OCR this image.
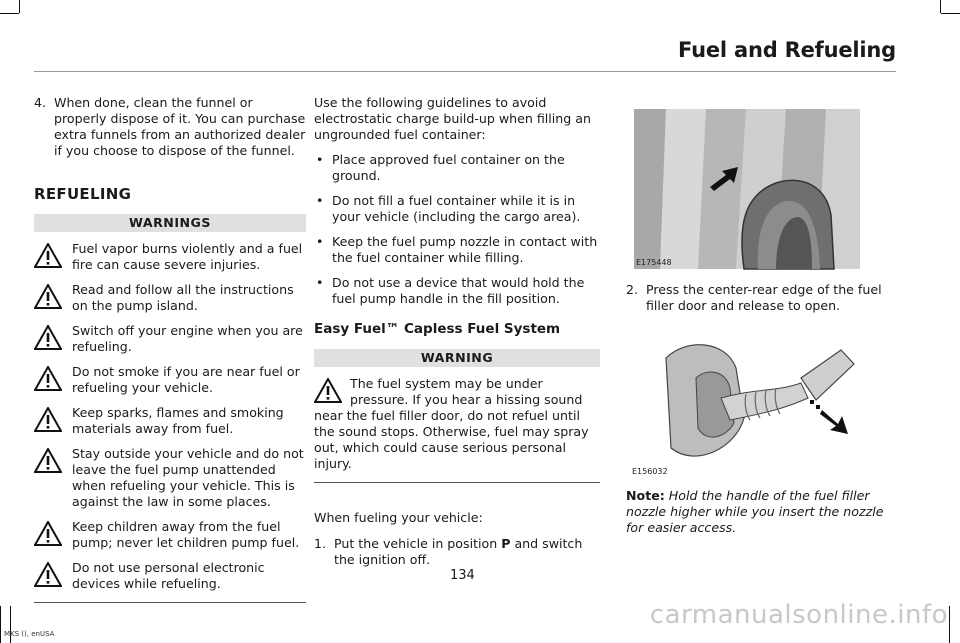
Fuel and Refueling
4. When done, clean the funnel or properly dispose of it. You can purchase extra funnels from an authorized dealer if you choose to dispose of the funnel.
REFUELING
WARNINGS
Fuel vapor burns violently and a fuel fire can cause severe injuries.
Read and follow all the instructions on the pump island.
Switch off your engine when you are refueling.
Do not smoke if you are near fuel or refueling your vehicle.
Keep sparks, flames and smoking materials away from fuel.
Stay outside your vehicle and do not leave the fuel pump unattended when refueling your vehicle. This is against the law in some places.
Keep children away from the fuel pump; never let children pump fuel.
Do not use personal electronic devices while refueling.

Use the following guidelines to avoid electrostatic charge build-up when filling an ungrounded fuel container:

• Place approved fuel container on the ground.
• Do not fill a fuel container while it is in your vehicle (including the cargo area).
• Keep the fuel pump nozzle in contact with the fuel container while filling.
• Do not use a device that would hold the fuel pump handle in the fill position.
Easy Fuel™ Capless Fuel System
WARNING
The fuel system may be under pressure. If you hear a hissing sound near the fuel filler door, do not refuel until the sound stops. Otherwise, fuel may spray out, which could cause serious personal injury.

When fueling your vehicle:

1. Put the vehicle in position P and switch the ignition off.
E175448
2. Press the center-rear edge of the fuel filler door and release to open.
E156032

Note: Hold the handle of the fuel filler nozzle higher while you insert the nozzle for easier access.

134
MKS (), enUSA
carmanualsonline.info
